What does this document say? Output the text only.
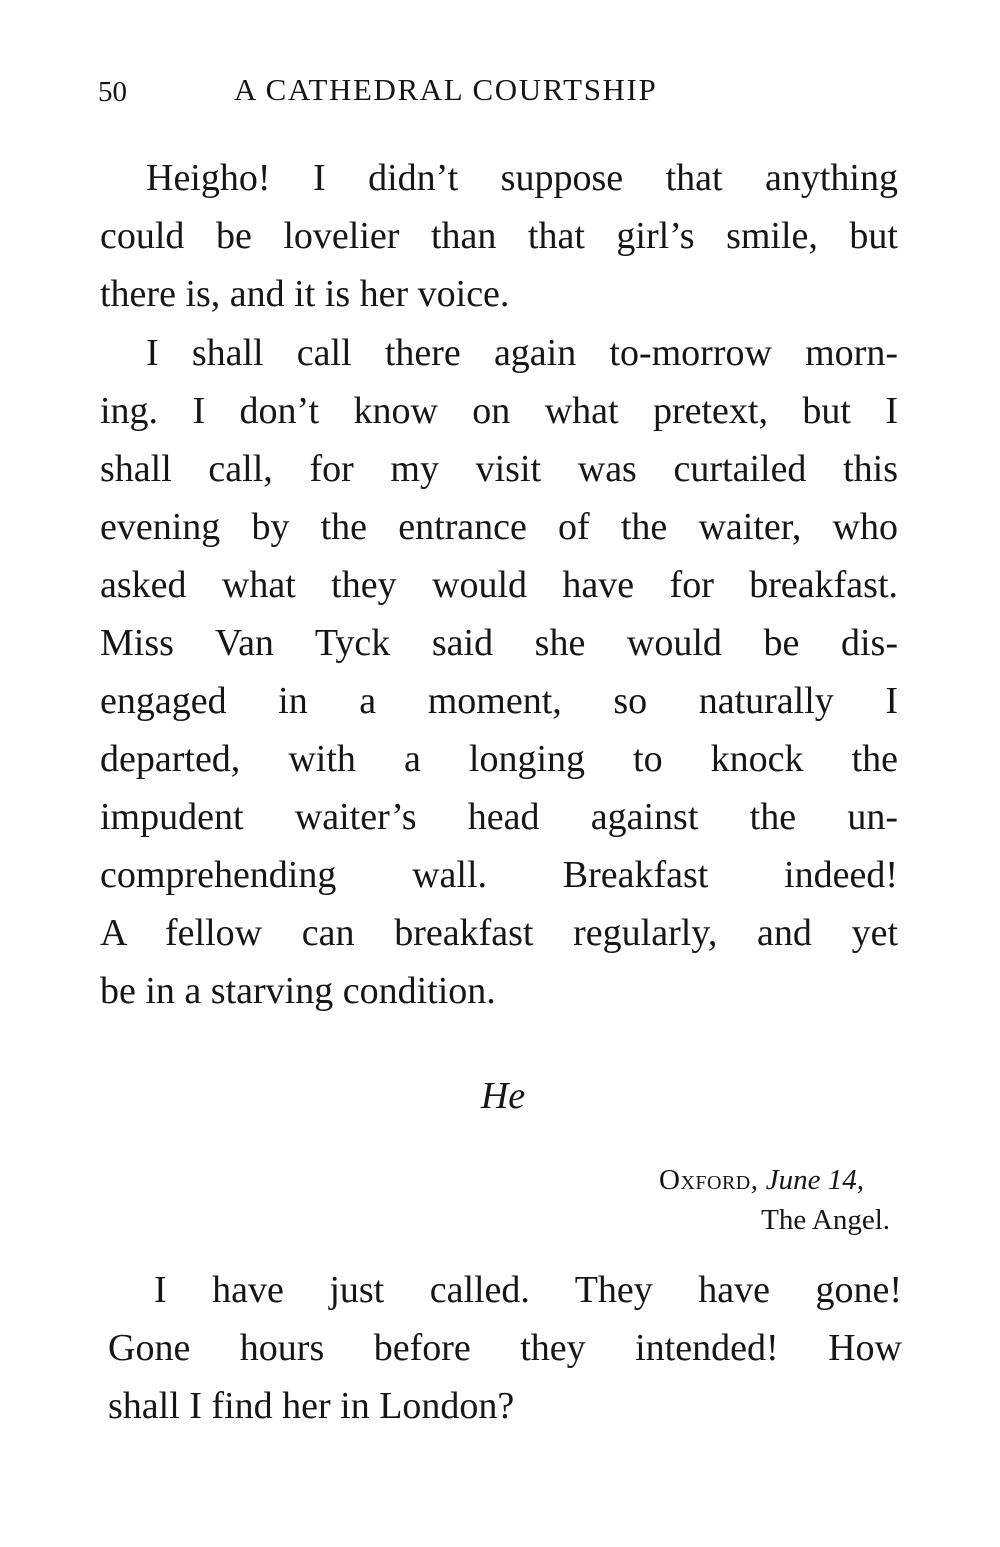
50	A CATHEDRAL COURTSHIP
Heigho! I didn’t suppose that anything
could be lovelier than that girl’s smile, but
there is, and it is her voice.
I shall call there again to-morrow morn-
ing. I don’t know on what pretext, but I
shall call, for my visit was curtailed this
evening by the entrance of the waiter, who
asked what they would have for breakfast.
Miss Van Tyck said she would be dis-
engaged in a moment, so naturally I
departed, with a longing to knock the
impudent waiter’s head against the un-
comprehending wall. Breakfast indeed!
A fellow can breakfast regularly, and yet
be in a starving condition.
He
Oxford, June 14,
The Angel.
I have just called. They have gone!
Gone hours before they intended! How
shall I find her in London?
